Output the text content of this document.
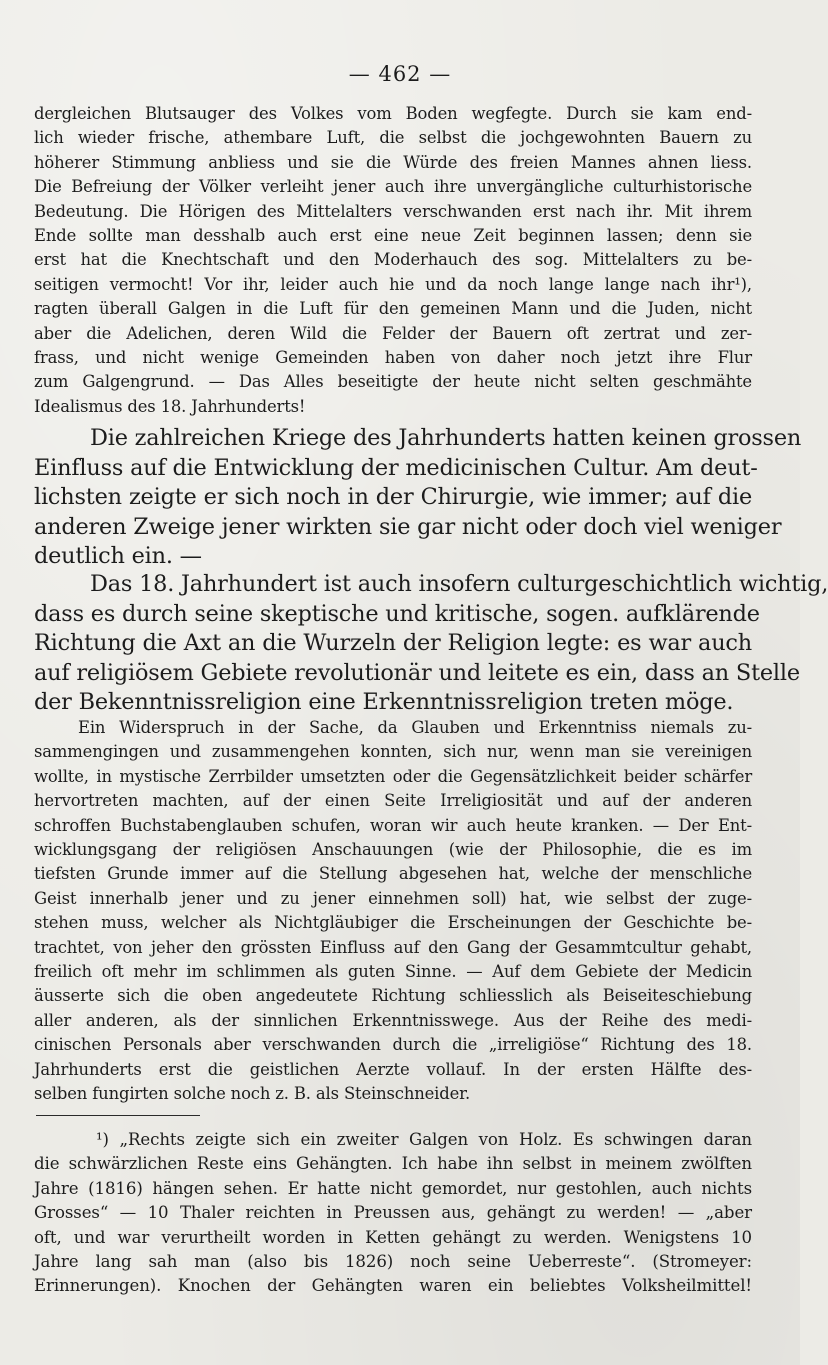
— 462 —
dergleichen Blutsauger des Volkes vom Boden wegfegte. Durch sie kam end-
lich wieder frische, athembare Luft, die selbst die jochgewohnten Bauern zu
höherer Stimmung anbliess und sie die Würde des freien Mannes ahnen liess.
Die Befreiung der Völker verleiht jener auch ihre unvergängliche culturhistorische
Bedeutung. Die Hörigen des Mittelalters verschwanden erst nach ihr. Mit ihrem
Ende sollte man desshalb auch erst eine neue Zeit beginnen lassen; denn sie
erst hat die Knechtschaft und den Moderhauch des sog. Mittelalters zu be-
seitigen vermocht! Vor ihr, leider auch hie und da noch lange lange nach ihr¹),
ragten überall Galgen in die Luft für den gemeinen Mann und die Juden, nicht
aber die Adelichen, deren Wild die Felder der Bauern oft zertrat und zer-
frass, und nicht wenige Gemeinden haben von daher noch jetzt ihre Flur
zum Galgengrund. — Das Alles beseitigte der heute nicht selten geschmähte
Idealismus des 18. Jahrhunderts!
Die zahlreichen Kriege des Jahrhunderts hatten keinen grossen
Einfluss auf die Entwicklung der medicinischen Cultur. Am deut-
lichsten zeigte er sich noch in der Chirurgie, wie immer; auf die
anderen Zweige jener wirkten sie gar nicht oder doch viel weniger
deutlich ein. —
Das 18. Jahrhundert ist auch insofern culturgeschichtlich wichtig,
dass es durch seine skeptische und kritische, sogen. aufklärende
Richtung die Axt an die Wurzeln der Religion legte: es war auch
auf religiösem Gebiete revolutionär und leitete es ein, dass an Stelle
der Bekenntnissreligion eine Erkenntnissreligion treten möge.
Ein Widerspruch in der Sache, da Glauben und Erkenntniss niemals zu-
sammengingen und zusammengehen konnten, sich nur, wenn man sie vereinigen
wollte, in mystische Zerrbilder umsetzten oder die Gegensätzlichkeit beider schärfer
hervortreten machten, auf der einen Seite Irreligiosität und auf der anderen
schroffen Buchstabenglauben schufen, woran wir auch heute kranken. — Der Ent-
wicklungsgang der religiösen Anschauungen (wie der Philosophie, die es im
tiefsten Grunde immer auf die Stellung abgesehen hat, welche der menschliche
Geist innerhalb jener und zu jener einnehmen soll) hat, wie selbst der zuge-
stehen muss, welcher als Nichtgläubiger die Erscheinungen der Geschichte be-
trachtet, von jeher den grössten Einfluss auf den Gang der Gesammtcultur gehabt,
freilich oft mehr im schlimmen als guten Sinne. — Auf dem Gebiete der Medicin
äusserte sich die oben angedeutete Richtung schliesslich als Beiseiteschiebung
aller anderen, als der sinnlichen Erkenntnisswege. Aus der Reihe des medi-
cinischen Personals aber verschwanden durch die „irreligiöse“ Richtung des 18.
Jahrhunderts erst die geistlichen Aerzte vollauf. In der ersten Hälfte des-
selben fungirten solche noch z. B. als Steinschneider.
¹) „Rechts zeigte sich ein zweiter Galgen von Holz. Es schwingen daran
die schwärzlichen Reste eins Gehängten. Ich habe ihn selbst in meinem zwölften
Jahre (1816) hängen sehen. Er hatte nicht gemordet, nur gestohlen, auch nichts
Grosses“ — 10 Thaler reichten in Preussen aus, gehängt zu werden! — „aber
oft, und war verurtheilt worden in Ketten gehängt zu werden. Wenigstens 10
Jahre lang sah man (also bis 1826) noch seine Ueberreste“. (Stromeyer:
Erinnerungen). Knochen der Gehängten waren ein beliebtes Volksheilmittel!
